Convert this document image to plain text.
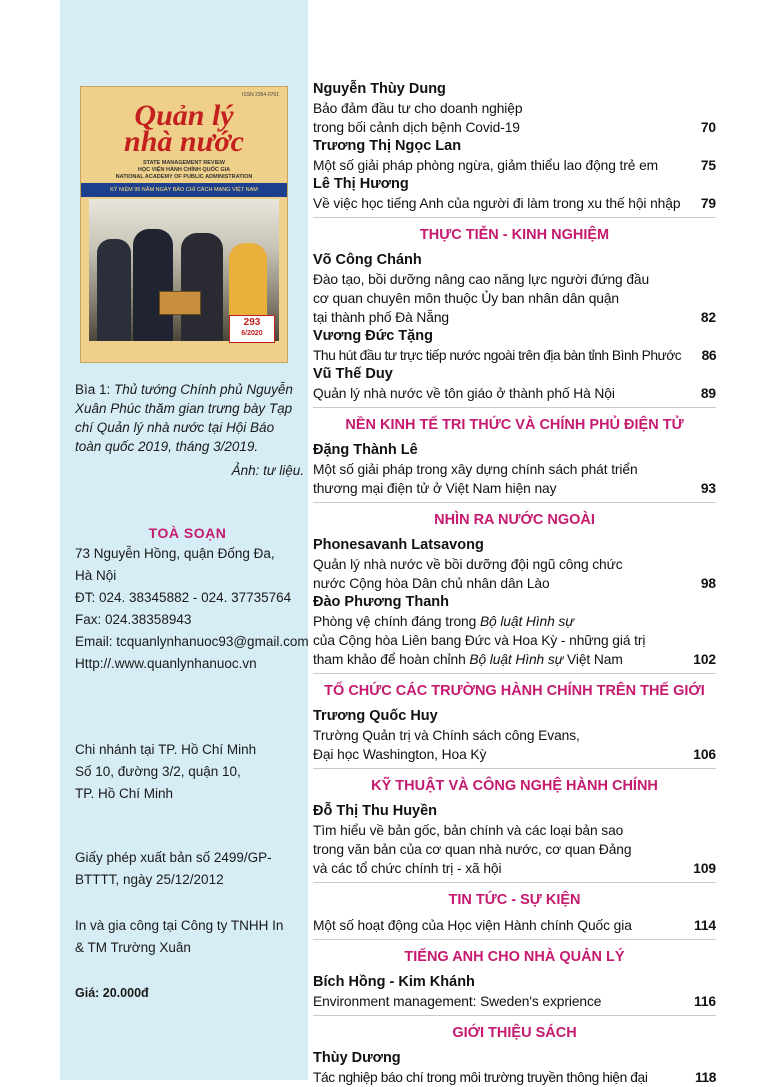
ISSN 2354-0761
Quản lý
nhà nước
STATE MANAGEMENT REVIEW
HỌC VIỆN HÀNH CHÍNH QUỐC GIA
NATIONAL ACADEMY OF PUBLIC ADMINISTRATION
KỶ NIỆM 95 NĂM NGÀY BÁO CHÍ CÁCH MẠNG VIỆT NAM
293
6/2020
Bìa 1: Thủ tướng Chính phủ Nguyễn Xuân Phúc thăm gian trưng bày Tạp chí Quản lý nhà nước tại Hội Báo toàn quốc 2019, tháng 3/2019.
Ảnh: tư liệu.
TOÀ SOẠN
73 Nguyễn Hồng, quận Đống Đa,
Hà Nội
ĐT: 024. 38345882 - 024. 37735764
Fax: 024.38358943
Email: tcquanlynhanuoc93@gmail.com
Http://.www.quanlynhanuoc.vn
Chi nhánh tại TP. Hồ Chí Minh
Số 10, đường 3/2, quận 10,
TP. Hồ Chí Minh
Giấy phép xuất bản số 2499/GP-
BTTTT, ngày 25/12/2012
In và gia công tại Công ty TNHH In
& TM Trường Xuân
Giá: 20.000đ
Nguyễn Thùy Dung
Bảo đảm đầu tư cho doanh nghiệp
trong bối cảnh dịch bệnh Covid-19	70
Trương Thị Ngọc Lan
Một số giải pháp phòng ngừa, giảm thiểu lao động trẻ em	75
Lê Thị Hương
Về việc học tiếng Anh của người đi làm trong xu thế hội nhập 79
THỰC TIỄN - KINH NGHIỆM
Võ Công Chánh
Đào tạo, bồi dưỡng nâng cao năng lực người đứng đầu
cơ quan chuyên môn thuộc Ủy ban nhân dân quận
tại thành phố Đà Nẵng	82
Vương Đức Tặng
Thu hút đầu tư trực tiếp nước ngoài trên địa bàn tỉnh Bình Phước 86
Vũ Thế Duy
Quản lý nhà nước về tôn giáo ở thành phố Hà Nội	89
NỀN KINH TẾ TRI THỨC VÀ CHÍNH PHỦ ĐIỆN TỬ
Đặng Thành Lê
Một số giải pháp trong xây dựng chính sách phát triển
thương mại điện tử ở Việt Nam hiện nay	93
NHÌN RA NƯỚC NGOÀI
Phonesavanh Latsavong
Quản lý nhà nước về bồi dưỡng đội ngũ công chức
nước Cộng hòa Dân chủ nhân dân Lào	98
Đào Phương Thanh
Phòng vệ chính đáng trong Bộ luật Hình sự
của Cộng hòa Liên bang Đức và Hoa Kỳ - những giá trị
tham khảo để hoàn chỉnh Bộ luật Hình sự Việt Nam	102
TỔ CHỨC CÁC TRƯỜNG HÀNH CHÍNH TRÊN THẾ GIỚI
Trương Quốc Huy
Trường Quản trị và Chính sách công Evans,
Đại học Washington, Hoa Kỳ	106
KỸ THUẬT VÀ CÔNG NGHỆ HÀNH CHÍNH
Đỗ Thị Thu Huyền
Tìm hiểu về bản gốc, bản chính và các loại bản sao
trong văn bản của cơ quan nhà nước, cơ quan Đảng
và các tổ chức chính trị - xã hội	109
TIN TỨC - SỰ KIỆN
Một số hoạt động của Học viện Hành chính Quốc gia	114
TIẾNG ANH CHO NHÀ QUẢN LÝ
Bích Hồng - Kim Khánh
Environment management: Sweden's exprience	116
GIỚI THIỆU SÁCH
Thùy Dương
Tác nghiệp báo chí trong môi trường truyền thông hiện đại	118
